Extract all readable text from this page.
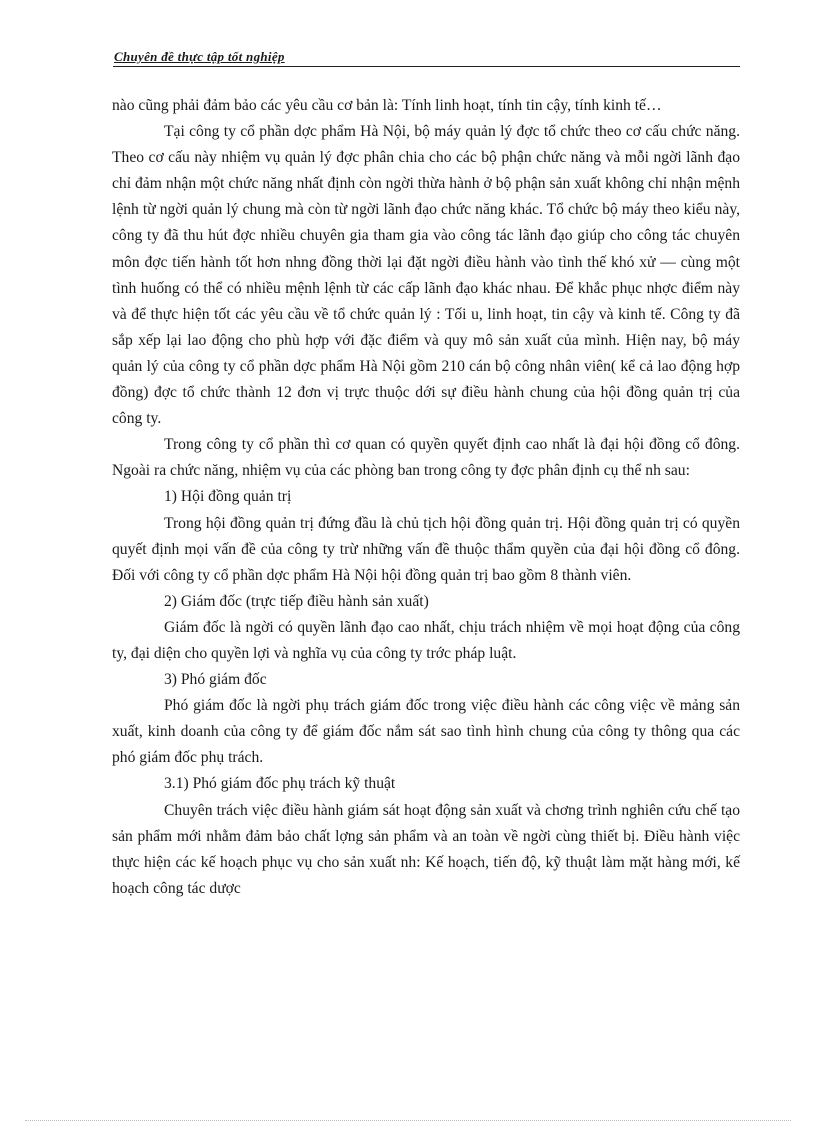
Chuyên đề thực tập tốt nghiệp

nào cũng phải đảm bảo các yêu cầu cơ bản là: Tính linh hoạt, tính tin cậy, tính kinh tế…

Tại công ty cổ phần dợc phẩm Hà Nội, bộ máy quản lý đợc tổ chức theo cơ cấu chức năng. Theo cơ cấu này nhiệm vụ quản lý đợc phân chia cho các bộ phận chức năng và mỗi ngời lãnh đạo chỉ đảm nhận một chức năng nhất định còn ngời thừa hành ở bộ phận sản xuất không chỉ nhận mệnh lệnh từ ngời quản lý chung mà còn từ ngời lãnh đạo chức năng khác. Tổ chức bộ máy theo kiểu này, công ty đã thu hút đợc nhiều chuyên gia tham gia vào công tác lãnh đạo giúp cho công tác chuyên môn đợc tiến hành tốt hơn nhng đồng thời lại đặt ngời điều hành vào tình thế khó xử — cùng một tình huống có thể có nhiều mệnh lệnh từ các cấp lãnh đạo khác nhau. Để khắc phục nhợc điểm này và để thực hiện tốt các yêu cầu về tổ chức quản lý : Tối u, linh hoạt, tin cậy và kinh tế. Công ty đã sắp xếp lại lao động cho phù hợp với đặc điểm và quy mô sản xuất của mình. Hiện nay, bộ máy quản lý của công ty cổ phần dợc phẩm Hà Nội gồm 210 cán bộ công nhân viên( kể cả lao động hợp đồng) đợc tổ chức thành 12 đơn vị trực thuộc dới sự điều hành chung của hội đồng quản trị của công ty.

Trong công ty cổ phần thì cơ quan có quyền quyết định cao nhất là đại hội đồng cổ đông. Ngoài ra chức năng, nhiệm vụ của các phòng ban trong công ty đợc phân định cụ thể nh sau:

1) Hội đồng quản trị

Trong hội đồng quản trị đứng đầu là chủ tịch hội đồng quản trị. Hội đồng quản trị có quyền quyết định mọi vấn đề của công ty trừ những vấn đề thuộc thẩm quyền của đại hội đồng cổ đông. Đối với công ty cổ phần dợc phẩm Hà Nội hội đồng quản trị bao gồm 8 thành viên.

2) Giám đốc (trực tiếp điều hành sản xuất)

Giám đốc là ngời có quyền lãnh đạo cao nhất, chịu trách nhiệm về mọi hoạt động của công ty, đại diện cho quyền lợi và nghĩa vụ của công ty trớc pháp luật.

3) Phó giám đốc

Phó giám đốc là ngời phụ trách giám đốc trong việc điều hành các công việc về mảng sản xuất, kinh doanh của công ty để giám đốc nắm sát sao tình hình chung của công ty thông qua các phó giám đốc phụ trách.

3.1) Phó giám đốc phụ trách kỹ thuật

Chuyên trách việc điều hành giám sát hoạt động sản xuất và chơng trình nghiên cứu chế tạo sản phẩm mới nhằm đảm bảo chất lợng sản phẩm và an toàn về ngời cùng thiết bị. Điều hành việc thực hiện các kế hoạch phục vụ cho sản xuất nh: Kế hoạch, tiến độ, kỹ thuật làm mặt hàng mới, kế hoạch công tác dược
